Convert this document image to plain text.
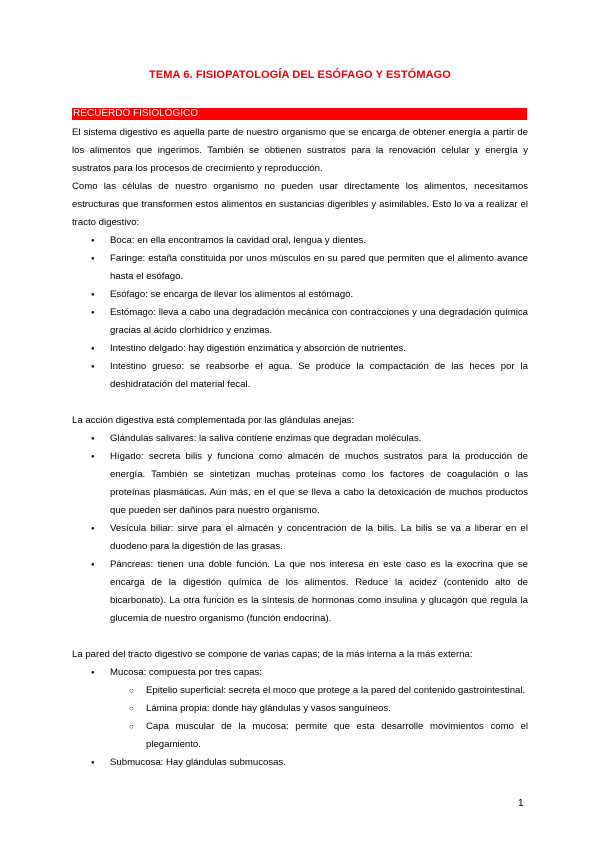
TEMA 6. FISIOPATOLOGÍA DEL ESÓFAGO Y ESTÓMAGO
RECUERDO FISIOLÓGICO

El sistema digestivo es aquella parte de nuestro organismo que se encarga de obtener energía a partir de los alimentos que ingerimos. También se obtienen sustratos para la renovación celular y energía y sustratos para los procesos de crecimiento y reproducción.

Como las células de nuestro organismo no pueden usar directamente los alimentos, necesitamos estructuras que transformen estos alimentos en sustancias digeribles y asimilables. Esto lo va a realizar el tracto digestivo:

● Boca: en ella encontramos la cavidad oral, lengua y dientes.
● Faringe: estaña constituida por unos músculos en su pared que permiten que el alimento avance hasta el esófago.
● Esófago: se encarga de llevar los alimentos al estómago.
● Estómago: lleva a cabo una degradación mecánica con contracciones y una degradación química gracias al ácido clorhídrico y enzimas.
● Intestino delgado: hay digestión enzimática y absorción de nutrientes.
● Intestino grueso: se reabsorbe el agua. Se produce la compactación de las heces por la deshidratación del material fecal.

La acción digestiva está complementada por las glándulas anejas:

● Glándulas salivares: la saliva contiene enzimas que degradan moléculas.
● Hígado: secreta bilis y funciona como almacén de muchos sustratos para la producción de energía. También se sintetizan muchas proteínas como los factores de coagulación o las proteínas plasmáticas. Aún más, en el que se lleva a cabo la detoxicación de muchos productos que pueden ser dañinos para nuestro organismo.
● Vesícula biliar: sirve para el almacén y concentración de la bilis. La bilis se va a liberar en el duodeno para la digestión de las grasas.
● Páncreas: tienen una doble función. La que nos interesa en este caso es la exocrina que se encarga de la digestión química de los alimentos. Reduce la acidez (contenido alto de bicarbonato). La otra función es la síntesis de hormonas como insulina y glucagón que regula la glucemia de nuestro organismo (función endocrina).

La pared del tracto digestivo se compone de varias capas; de la más interna a la más externa:

● Mucosa: compuesta por tres capas:
○ Epitelio superficial: secreta el moco que protege a la pared del contenido gastrointestinal.
○ Lámina propia: donde hay glándulas y vasos sanguíneos.
○ Capa muscular de la mucosa: permite que esta desarrolle movimientos como el plegamiento.
● Submucosa: Hay glándulas submucosas.
1
